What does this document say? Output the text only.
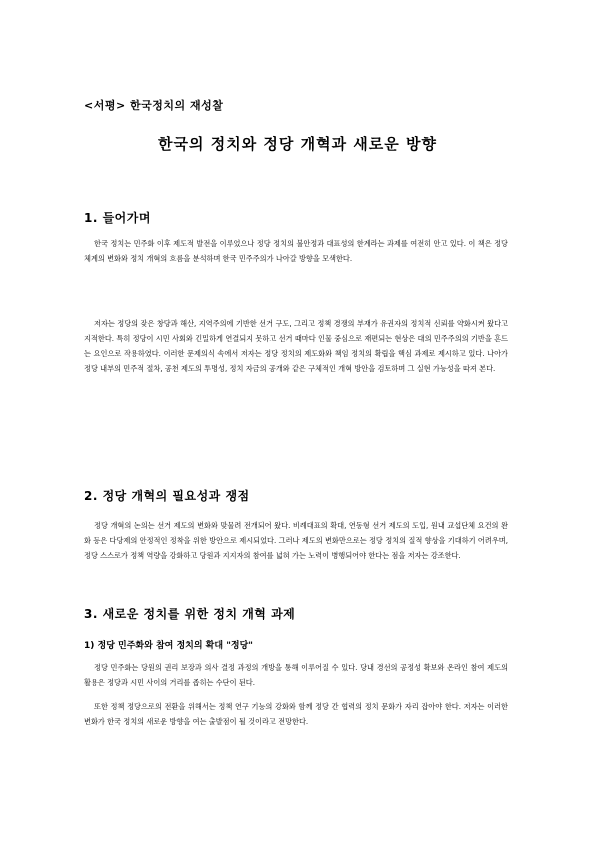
<서평> 한국정치의 재성찰
한국의 정치와 정당 개혁과 새로운 방향
1. 들어가며

한국 정치는 민주화 이후 제도적 발전을 이루었으나 정당 정치의 불안정과 대표성의 한계라는 과제를 여전히 안고 있다. 이 책은 정당 체계의 변화와 정치 개혁의 흐름을 분석하며 한국 민주주의가 나아갈 방향을 모색한다.

저자는 정당의 잦은 창당과 해산, 지역주의에 기반한 선거 구도, 그리고 정책 경쟁의 부재가 유권자의 정치적 신뢰를 약화시켜 왔다고 지적한다. 특히 정당이 시민 사회와 긴밀하게 연결되지 못하고 선거 때마다 인물 중심으로 재편되는 현상은 대의 민주주의의 기반을 흔드는 요인으로 작용하였다. 이러한 문제의식 속에서 저자는 정당 정치의 제도화와 책임 정치의 확립을 핵심 과제로 제시하고 있다. 나아가 정당 내부의 민주적 절차, 공천 제도의 투명성, 정치 자금의 공개와 같은 구체적인 개혁 방안을 검토하며 그 실현 가능성을 따져 본다.

2. 정당 개혁의 필요성과 쟁점

정당 개혁의 논의는 선거 제도의 변화와 맞물려 전개되어 왔다. 비례대표의 확대, 연동형 선거 제도의 도입, 원내 교섭단체 요건의 완화 등은 다당제의 안정적인 정착을 위한 방안으로 제시되었다. 그러나 제도의 변화만으로는 정당 정치의 질적 향상을 기대하기 어려우며, 정당 스스로가 정책 역량을 강화하고 당원과 지지자의 참여를 넓혀 가는 노력이 병행되어야 한다는 점을 저자는 강조한다.

3. 새로운 정치를 위한 정치 개혁 과제
1) 정당 민주화와 참여 정치의 확대 "정당"

정당 민주화는 당원의 권리 보장과 의사 결정 과정의 개방을 통해 이루어질 수 있다. 당내 경선의 공정성 확보와 온라인 참여 제도의 활용은 정당과 시민 사이의 거리를 좁히는 수단이 된다.

또한 정책 정당으로의 전환을 위해서는 정책 연구 기능의 강화와 함께 정당 간 협력의 정치 문화가 자리 잡아야 한다. 저자는 이러한 변화가 한국 정치의 새로운 방향을 여는 출발점이 될 것이라고 전망한다.
